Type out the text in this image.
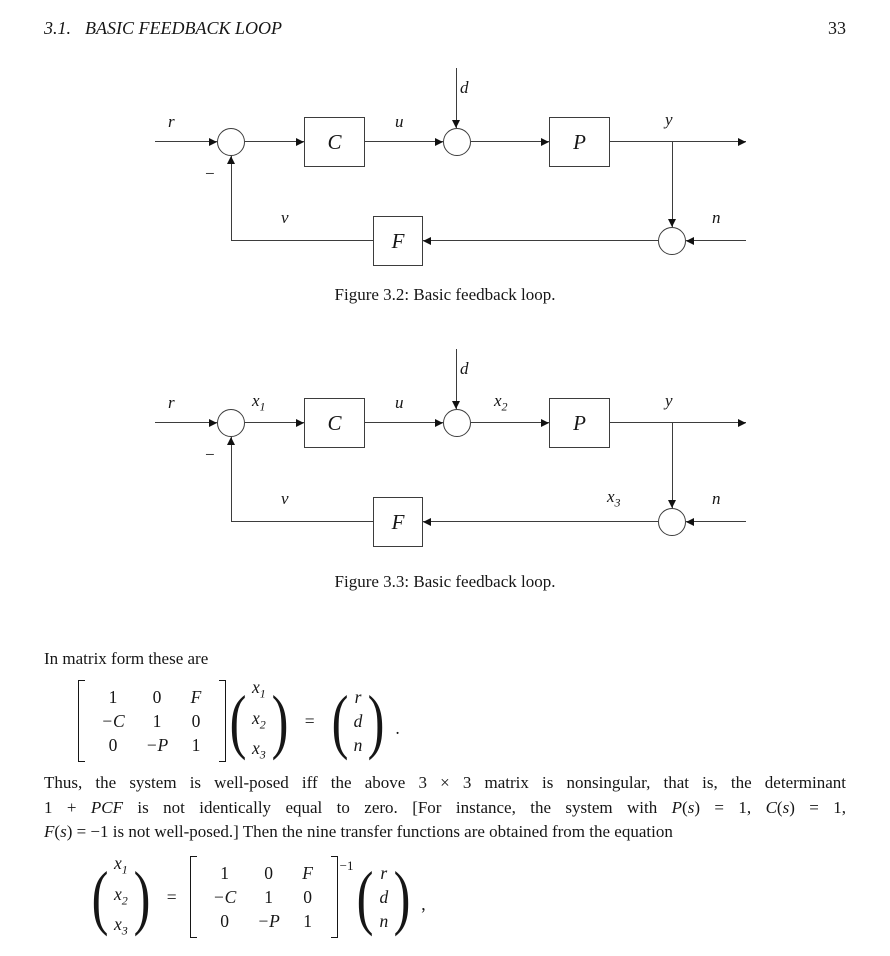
3.1. BASIC FEEDBACK LOOP	33
C	P
F
r	u
d
y
n
v
−
Figure 3.2: Basic feedback loop.
C	P
F
r	$x_1$	u	$x_2$
d
y
n
v	$x_3$
−
Figure 3.3: Basic feedback loop.
In matrix form these are
1	0	F
−C	1	0
0	−P	1 ( $x_1$
$x_2$
$x_3$ ) = ( r
d
n ) .
Thus, the system is well-posed iff the above 3 × 3 matrix is nonsingular, that is, the determinant
1 + PCF is not identically equal to zero. [For instance, the system with P(s) = 1, C(s) = 1,
F(s) = −1 is not well-posed.] Then the nine transfer functions are obtained from the equation
( $x_1$
$x_2$
$x_3$ ) =
1	0	F
−C	1	0
0	−P	1
−1 ( r
d
n ) ,
